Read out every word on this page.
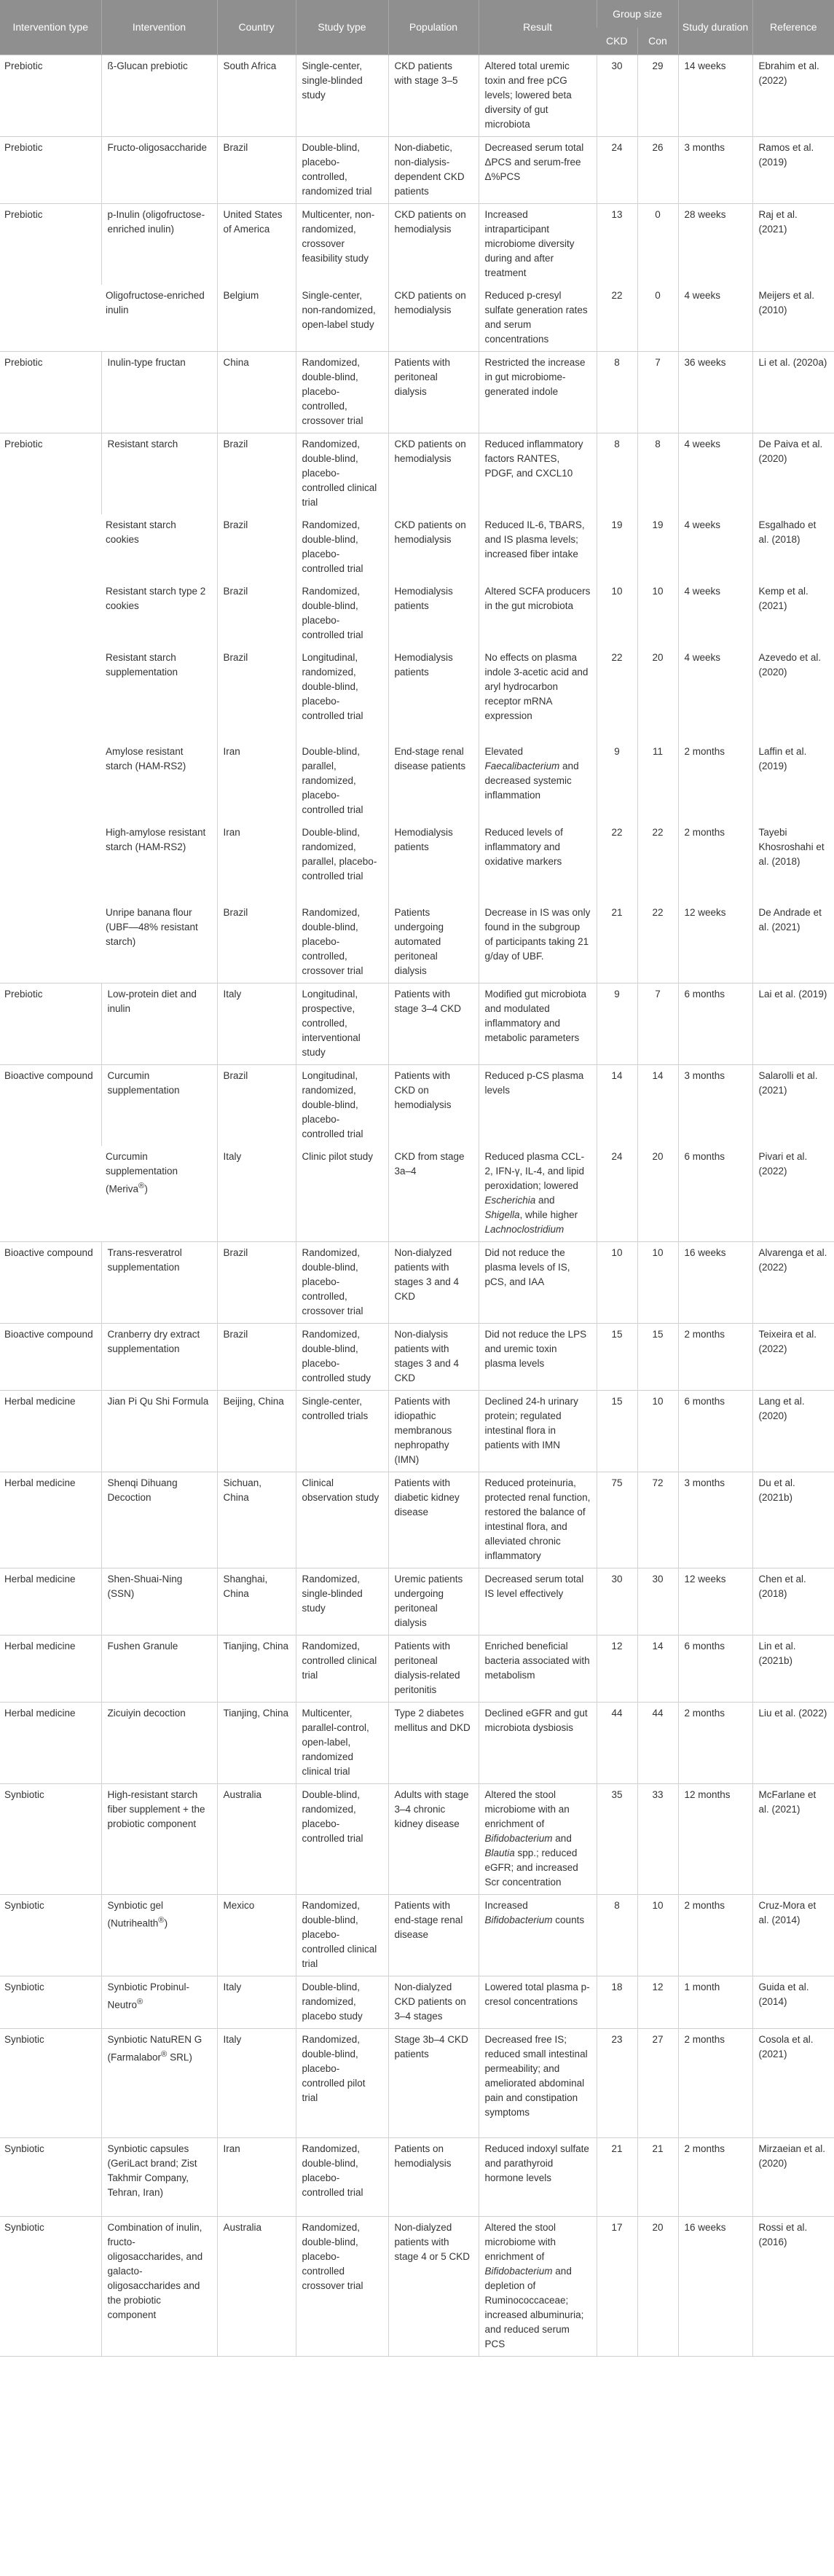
Intervention type	Intervention	Country	Study type	Population	Result	Group size		Study duration	Reference
						CKD	Con		
Prebiotic	ß-Glucan prebiotic	South Africa	Single-center, single-blinded study	CKD patients with stage 3–5	Altered total uremic toxin and free pCG levels; lowered beta diversity of gut microbiota	30	29	14 weeks	Ebrahim et al. (2022)
Prebiotic	Fructo-oligosaccharide	Brazil	Double-blind, placebo-controlled, randomized trial	Non-diabetic, non-dialysis-dependent CKD patients	Decreased serum total ΔPCS and serum-free Δ%PCS	24	26	3 months	Ramos et al. (2019)
Prebiotic	p-Inulin (oligofructose-enriched inulin)	United States of America	Multicenter, non-randomized, crossover feasibility study	CKD patients on hemodialysis	Increased intraparticipant microbiome diversity during and after treatment	13	0	28 weeks	Raj et al. (2021)
	Oligofructose-enriched inulin	Belgium	Single-center, non-randomized, open-label study	CKD patients on hemodialysis	Reduced p-cresyl sulfate generation rates and serum concentrations	22	0	4 weeks	Meijers et al. (2010)
Prebiotic	Inulin-type fructan	China	Randomized, double-blind, placebo-controlled, crossover trial	Patients with peritoneal dialysis	Restricted the increase in gut microbiome-generated indole	8	7	36 weeks	Li et al. (2020a)
Prebiotic	Resistant starch	Brazil	Randomized, double-blind, placebo-controlled clinical trial	CKD patients on hemodialysis	Reduced inflammatory factors RANTES, PDGF, and CXCL10	8	8	4 weeks	De Paiva et al. (2020)
	Resistant starch cookies	Brazil	Randomized, double-blind, placebo-controlled trial	CKD patients on hemodialysis	Reduced IL-6, TBARS, and IS plasma levels; increased fiber intake	19	19	4 weeks	Esgalhado et al. (2018)
	Resistant starch type 2 cookies	Brazil	Randomized, double-blind, placebo-controlled trial	Hemodialysis patients	Altered SCFA producers in the gut microbiota	10	10	4 weeks	Kemp et al. (2021)
	Resistant starch supplementation	Brazil	Longitudinal, randomized, double-blind, placebo-controlled trial	Hemodialysis patients	No effects on plasma indole 3-acetic acid and aryl hydrocarbon receptor mRNA expression	22	20	4 weeks	Azevedo et al. (2020)
	Amylose resistant starch (HAM-RS2)	Iran	Double-blind, parallel, randomized, placebo-controlled trial	End-stage renal disease patients	Elevated Faecalibacterium and decreased systemic inflammation	9	11	2 months	Laffin et al. (2019)
	High-amylose resistant starch (HAM-RS2)	Iran	Double-blind, randomized, parallel, placebo-controlled trial	Hemodialysis patients	Reduced levels of inflammatory and oxidative markers	22	22	2 months	Tayebi Khosroshahi et al. (2018)
	Unripe banana flour (UBF—48% resistant starch)	Brazil	Randomized, double-blind, placebo-controlled, crossover trial	Patients undergoing automated peritoneal dialysis	Decrease in IS was only found in the subgroup of participants taking 21 g/day of UBF.	21	22	12 weeks	De Andrade et al. (2021)
Prebiotic	Low-protein diet and inulin	Italy	Longitudinal, prospective, controlled, interventional study	Patients with stage 3–4 CKD	Modified gut microbiota and modulated inflammatory and metabolic parameters	9	7	6 months	Lai et al. (2019)
Bioactive compound	Curcumin supplementation	Brazil	Longitudinal, randomized, double-blind, placebo-controlled trial	Patients with CKD on hemodialysis	Reduced p-CS plasma levels	14	14	3 months	Salarolli et al. (2021)
	Curcumin supplementation (Meriva®)	Italy	Clinic pilot study	CKD from stage 3a–4	Reduced plasma CCL-2, IFN-γ, IL-4, and lipid peroxidation; lowered Escherichia and Shigella, while higher Lachnoclostridium	24	20	6 months	Pivari et al. (2022)
Bioactive compound	Trans-resveratrol supplementation	Brazil	Randomized, double-blind, placebo-controlled, crossover trial	Non-dialyzed patients with stages 3 and 4 CKD	Did not reduce the plasma levels of IS, pCS, and IAA	10	10	16 weeks	Alvarenga et al. (2022)
Bioactive compound	Cranberry dry extract supplementation	Brazil	Randomized, double-blind, placebo-controlled study	Non-dialysis patients with stages 3 and 4 CKD	Did not reduce the LPS and uremic toxin plasma levels	15	15	2 months	Teixeira et al. (2022)
Herbal medicine	Jian Pi Qu Shi Formula	Beijing, China	Single-center, controlled trials	Patients with idiopathic membranous nephropathy (IMN)	Declined 24-h urinary protein; regulated intestinal flora in patients with IMN	15	10	6 months	Lang et al. (2020)
Herbal medicine	Shenqi Dihuang Decoction	Sichuan, China	Clinical observation study	Patients with diabetic kidney disease	Reduced proteinuria, protected renal function, restored the balance of intestinal flora, and alleviated chronic inflammatory	75	72	3 months	Du et al. (2021b)
Herbal medicine	Shen-Shuai-Ning (SSN)	Shanghai, China	Randomized, single-blinded study	Uremic patients undergoing peritoneal dialysis	Decreased serum total IS level effectively	30	30	12 weeks	Chen et al. (2018)
Herbal medicine	Fushen Granule	Tianjing, China	Randomized, controlled clinical trial	Patients with peritoneal dialysis-related peritonitis	Enriched beneficial bacteria associated with metabolism	12	14	6 months	Lin et al. (2021b)
Herbal medicine	Zicuiyin decoction	Tianjing, China	Multicenter, parallel-control, open-label, randomized clinical trial	Type 2 diabetes mellitus and DKD	Declined eGFR and gut microbiota dysbiosis	44	44	2 months	Liu et al. (2022)
Synbiotic	High-resistant starch fiber supplement + the probiotic component	Australia	Double-blind, randomized, placebo-controlled trial	Adults with stage 3–4 chronic kidney disease	Altered the stool microbiome with an enrichment of Bifidobacterium and Blautia spp.; reduced eGFR; and increased Scr concentration	35	33	12 months	McFarlane et al. (2021)
Synbiotic	Synbiotic gel (Nutrihealth®)	Mexico	Randomized, double-blind, placebo-controlled clinical trial	Patients with end-stage renal disease	Increased Bifidobacterium counts	8	10	2 months	Cruz-Mora et al. (2014)
Synbiotic	Synbiotic Probinul-Neutro®	Italy	Double-blind, randomized, placebo study	Non-dialyzed CKD patients on 3–4 stages	Lowered total plasma p-cresol concentrations	18	12	1 month	Guida et al. (2014)
Synbiotic	Synbiotic NatuREN G (Farmalabor® SRL)	Italy	Randomized, double-blind, placebo-controlled pilot trial	Stage 3b–4 CKD patients	Decreased free IS; reduced small intestinal permeability; and ameliorated abdominal pain and constipation symptoms	23	27	2 months	Cosola et al. (2021)
Synbiotic	Synbiotic capsules (GeriLact brand; Zist Takhmir Company, Tehran, Iran)	Iran	Randomized, double-blind, placebo-controlled trial	Patients on hemodialysis	Reduced indoxyl sulfate and parathyroid hormone levels	21	21	2 months	Mirzaeian et al. (2020)
Synbiotic	Combination of inulin, fructo-oligosaccharides, and galacto-oligosaccharides and the probiotic component	Australia	Randomized, double-blind, placebo-controlled crossover trial	Non-dialyzed patients with stage 4 or 5 CKD	Altered the stool microbiome with enrichment of Bifidobacterium and depletion of Ruminococcaceae; increased albuminuria; and reduced serum PCS	17	20	16 weeks	Rossi et al. (2016)
